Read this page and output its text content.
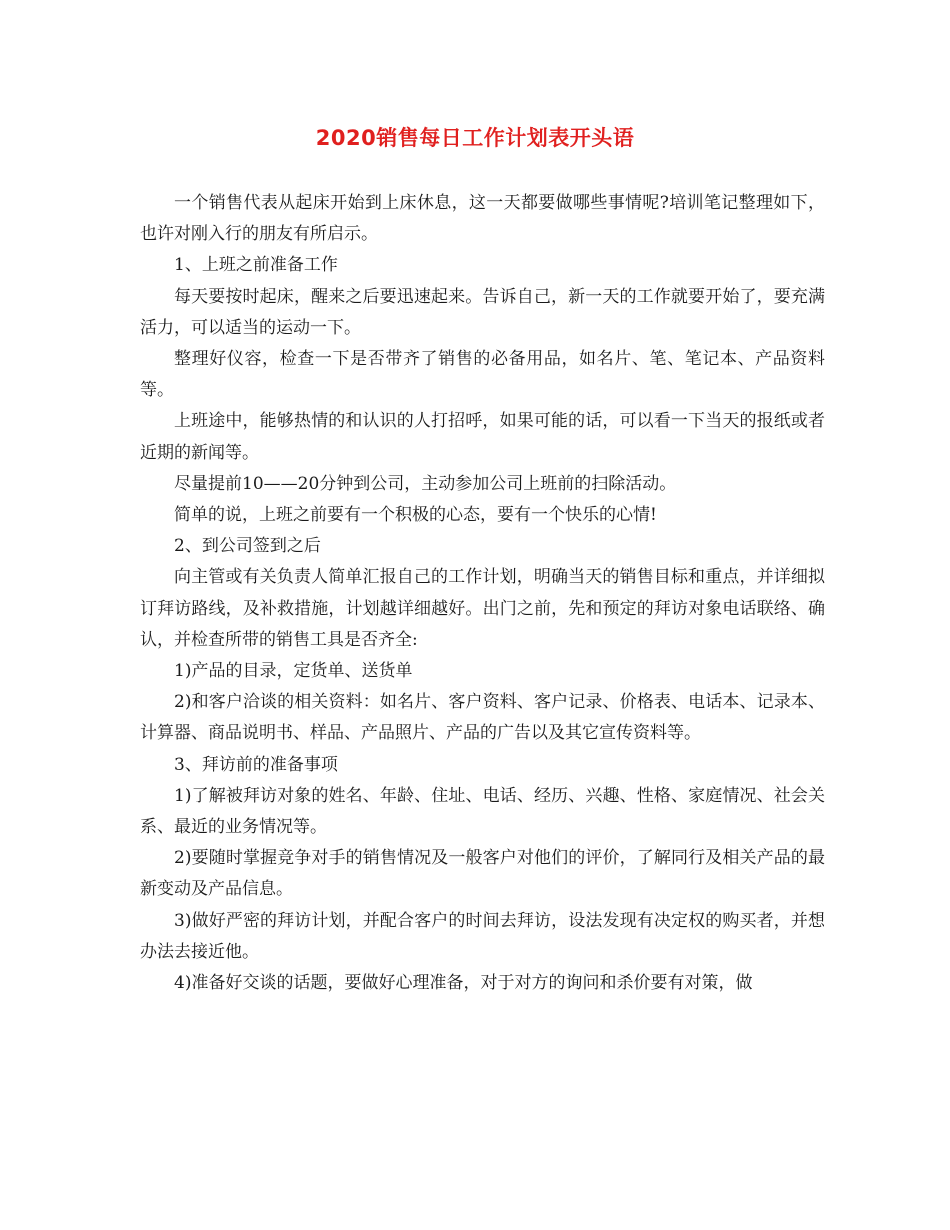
2020销售每日工作计划表开头语

一个销售代表从起床开始到上床休息，这一天都要做哪些事情呢?培训笔记整理如下，也许对刚入行的朋友有所启示。

1、上班之前准备工作

每天要按时起床，醒来之后要迅速起来。告诉自己，新一天的工作就要开始了，要充满活力，可以适当的运动一下。

整理好仪容，检查一下是否带齐了销售的必备用品，如名片、笔、笔记本、产品资料等。

上班途中，能够热情的和认识的人打招呼，如果可能的话，可以看一下当天的报纸或者近期的新闻等。

尽量提前10——20分钟到公司，主动参加公司上班前的扫除活动。

简单的说，上班之前要有一个积极的心态，要有一个快乐的心情!

2、到公司签到之后

向主管或有关负责人简单汇报自己的工作计划，明确当天的销售目标和重点，并详细拟订拜访路线，及补救措施，计划越详细越好。出门之前，先和预定的拜访对象电话联络、确认，并检查所带的销售工具是否齐全:

1)产品的目录，定货单、送货单

2)和客户洽谈的相关资料：如名片、客户资料、客户记录、价格表、电话本、记录本、计算器、商品说明书、样品、产品照片、产品的广告以及其它宣传资料等。

3、拜访前的准备事项

1)了解被拜访对象的姓名、年龄、住址、电话、经历、兴趣、性格、家庭情况、社会关系、最近的业务情况等。

2)要随时掌握竞争对手的销售情况及一般客户对他们的评价，了解同行及相关产品的最新变动及产品信息。

3)做好严密的拜访计划，并配合客户的时间去拜访，设法发现有决定权的购买者，并想办法去接近他。

4)准备好交谈的话题，要做好心理准备，对于对方的询问和杀价要有对策，做
